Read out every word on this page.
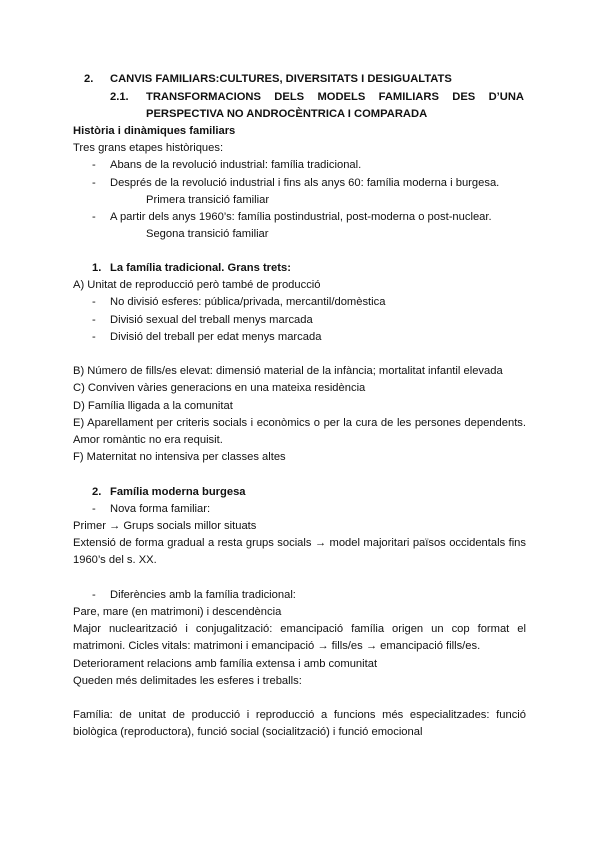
2. CANVIS FAMILIARS:CULTURES, DIVERSITATS I DESIGUALTATS
2.1. TRANSFORMACIONS DELS MODELS FAMILIARS DES D’UNA
PERSPECTIVA NO ANDROCÈNTRICA I COMPARADA
Història i dinàmiques familiars
Tres grans etapes històriques:
- Abans de la revolució industrial: família tradicional.
- Després de la revolució industrial i fins als anys 60: família moderna i burgesa.
Primera transició familiar
- A partir dels anys 1960’s: família postindustrial, post-moderna o post-nuclear.
Segona transició familiar
1. La família tradicional. Grans trets:
A) Unitat de reproducció però també de producció
- No divisió esferes: pública/privada, mercantil/domèstica
- Divisió sexual del treball menys marcada
- Divisió del treball per edat menys marcada
B) Número de fills/es elevat: dimensió material de la infància; mortalitat infantil elevada
C) Conviven vàries generacions en una mateixa residència
D) Família lligada a la comunitat
E) Aparellament per criteris socials i econòmics o per la cura de les persones dependents.
Amor romàntic no era requisit.
F) Maternitat no intensiva per classes altes
2. Família moderna burgesa
- Nova forma familiar:
Primer → Grups socials millor situats
Extensió de forma gradual a resta grups socials → model majoritari països occidentals fins
1960’s del s. XX.
- Diferències amb la família tradicional:
Pare, mare (en matrimoni) i descendència
Major nuclearització i conjugalització: emancipació família origen un cop format el
matrimoni. Cicles vitals: matrimoni i emancipació → fills/es → emancipació fills/es.
Deteriorament relacions amb família extensa i amb comunitat
Queden més delimitades les esferes i treballs:
Família: de unitat de producció i reproducció a funcions més especialitzades: funció
biològica (reproductora), funció social (socialització) i funció emocional
